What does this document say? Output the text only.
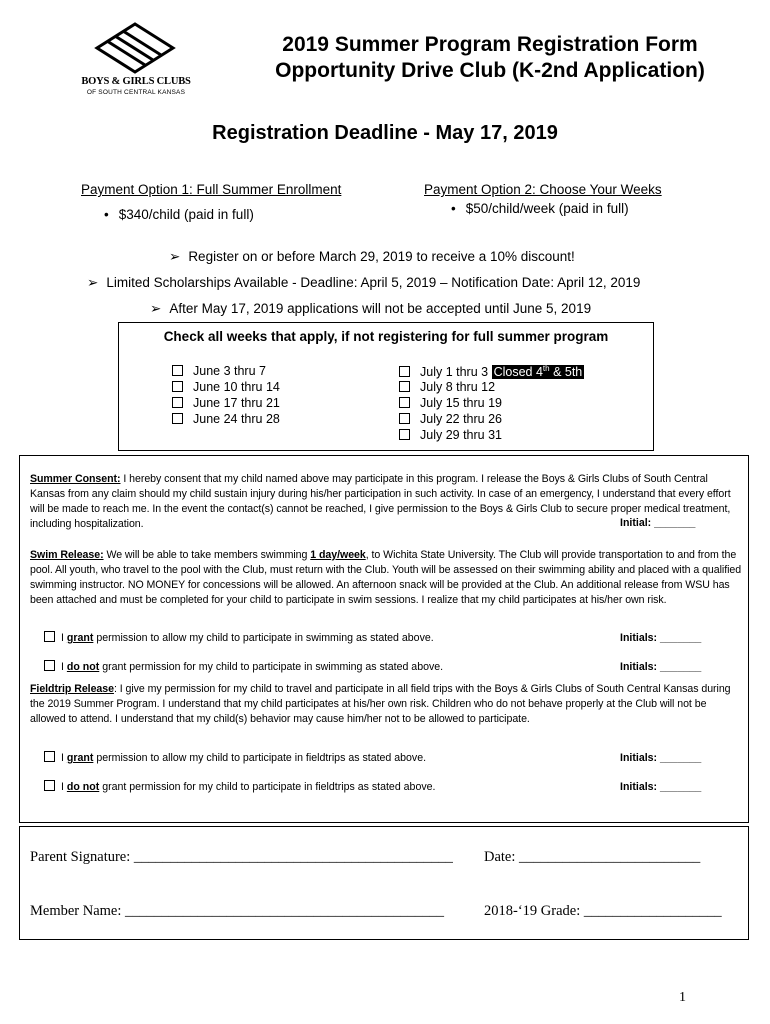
BOYS & GIRLS CLUBS
OF SOUTH CENTRAL KANSAS
2019 Summer Program Registration Form
Opportunity Drive Club (K-2nd Application)
Registration Deadline - May 17, 2019
Payment Option 1: Full Summer Enrollment
• $340/child (paid in full)
Payment Option 2: Choose Your Weeks
• $50/child/week (paid in full)
➢ Register on or before March 29, 2019 to receive a 10% discount!
➢ Limited Scholarships Available - Deadline: April 5, 2019 – Notification Date: April 12, 2019
➢ After May 17, 2019 applications will not be accepted until June 5, 2019
Check all weeks that apply, if not registering for full summer program
June 3 thru 7
June 10 thru 14
June 17 thru 21
June 24 thru 28
July 1 thru 3 Closed 4th & 5th
July 8 thru 12
July 15 thru 19
July 22 thru 26
July 29 thru 31
Summer Consent: I hereby consent that my child named above may participate in this program. I release the Boys & Girls Clubs of South Central Kansas from any claim should my child sustain injury during his/her participation in such activity. In case of an emergency, I understand that every effort will be made to reach me. In the event the contact(s) cannot be reached, I give permission to the Boys & Girls Club to secure proper medical treatment, including hospitalization.	Initial: _______
Swim Release: We will be able to take members swimming 1 day/week, to Wichita State University. The Club will provide transportation to and from the pool. All youth, who travel to the pool with the Club, must return with the Club. Youth will be assessed on their swimming ability and placed with a qualified swimming instructor. NO MONEY for concessions will be allowed. An afternoon snack will be provided at the Club. An additional release from WSU has been attached and must be completed for your child to participate in swim sessions. I realize that my child participates at his/her own risk.
I grant permission to allow my child to participate in swimming as stated above.	Initials: _______
I do not grant permission for my child to participate in swimming as stated above.	Initials: _______
Fieldtrip Release: I give my permission for my child to travel and participate in all field trips with the Boys & Girls Clubs of South Central Kansas during the 2019 Summer Program. I understand that my child participates at his/her own risk. Children who do not behave properly at the Club will not be allowed to attend. I understand that my child(s) behavior may cause him/her not to be allowed to participate.
I grant permission to allow my child to participate in fieldtrips as stated above.	Initials: _______
I do not grant permission for my child to participate in fieldtrips as stated above.	Initials: _______
Parent Signature: ____________________________________________ Date: _________________________
Member Name: ____________________________________________	2018-‘19 Grade: ___________________
1
